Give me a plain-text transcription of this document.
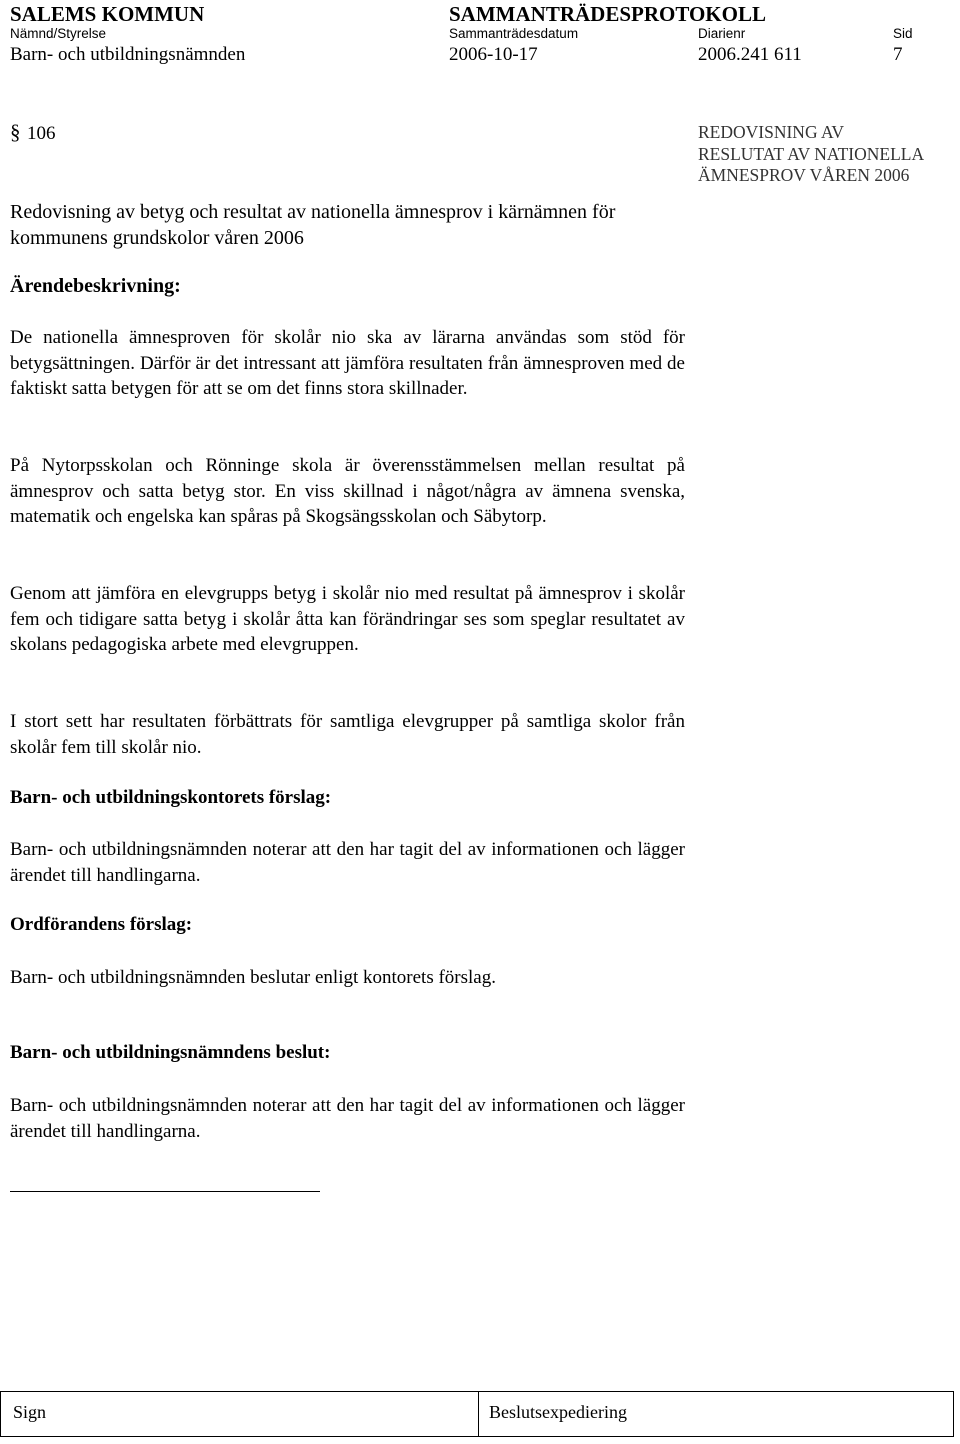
SALEMS KOMMUN	SAMMANTRÄDESPROTOKOLL
Nämnd/Styrelse	Sammanträdesdatum	Diarienr	Sid
Barn- och utbildningsnämnden	2006-10-17	2006.241 611	7
§ 106	REDOVISNING AV
RESLUTAT AV NATIONELLA
ÄMNESPROV VÅREN 2006

Redovisning av betyg och resultat av nationella ämnesprov i kärnämnen för kommunens grundskolor våren 2006

Ärendebeskrivning:

De nationella ämnesproven för skolår nio ska av lärarna användas som stöd för betygsättningen. Därför är det intressant att jämföra resultaten från ämnesproven med de faktiskt satta betygen för att se om det finns stora skillnader.

På Nytorpsskolan och Rönninge skola är överensstämmelsen mellan resultat på ämnesprov och satta betyg stor. En viss skillnad i något/några av ämnena svenska, matematik och engelska kan spåras på Skogsängsskolan och Säbytorp.

Genom att jämföra en elevgrupps betyg i skolår nio med resultat på ämnesprov i skolår fem och tidigare satta betyg i skolår åtta kan förändringar ses som speglar resultatet av skolans pedagogiska arbete med elevgruppen.

I stort sett har resultaten förbättrats för samtliga elevgrupper på samtliga skolor från skolår fem till skolår nio.

Barn- och utbildningskontorets förslag:

Barn- och utbildningsnämnden noterar att den har tagit del av informationen och lägger ärendet till handlingarna.

Ordförandens förslag:

Barn- och utbildningsnämnden beslutar enligt kontorets förslag.

Barn- och utbildningsnämndens beslut:

Barn- och utbildningsnämnden noterar att den har tagit del av informationen och lägger ärendet till handlingarna.

Sign	Beslutsexpediering
